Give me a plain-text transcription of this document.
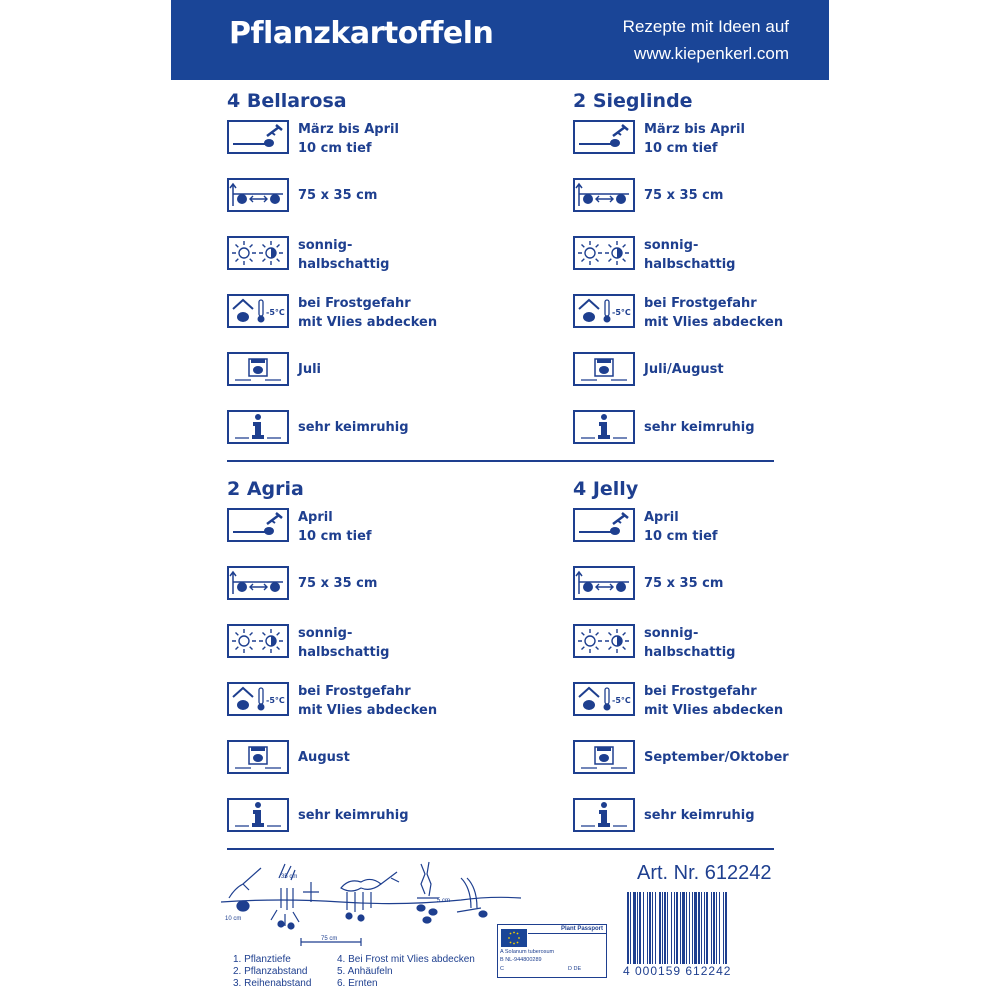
Pflanzkartoffeln	Rezepte mit Ideen auf
www.kiepenkerl.com
4 Bellarosa
März bis April
10 cm tief
75 x 35 cm
sonnig-
halbschattig
-5°C
bei Frostgefahr
mit Vlies abdecken
Juli
sehr keimruhig
2 Sieglinde
März bis April
10 cm tief
75 x 35 cm
sonnig-
halbschattig
-5°C
bei Frostgefahr
mit Vlies abdecken
Juli/August
sehr keimruhig
2 Agria
April
10 cm tief
75 x 35 cm
sonnig-
halbschattig
-5°C
bei Frostgefahr
mit Vlies abdecken
August
sehr keimruhig
4 Jelly
April
10 cm tief
75 x 35 cm
sonnig-
halbschattig
-5°C
bei Frostgefahr
mit Vlies abdecken
September/Oktober
sehr keimruhig
10 cm
35 cm
75 cm
5 cm
1. Pflanztiefe
2. Pflanzabstand
3. Reihenabstand
4. Bei Frost mit Vlies abdecken
5. Anhäufeln
6. Ernten
Plant Passport
A Solanum tuberosum
B NL-944800289
C	D DE
Art. Nr. 612242
4 000159 612242
